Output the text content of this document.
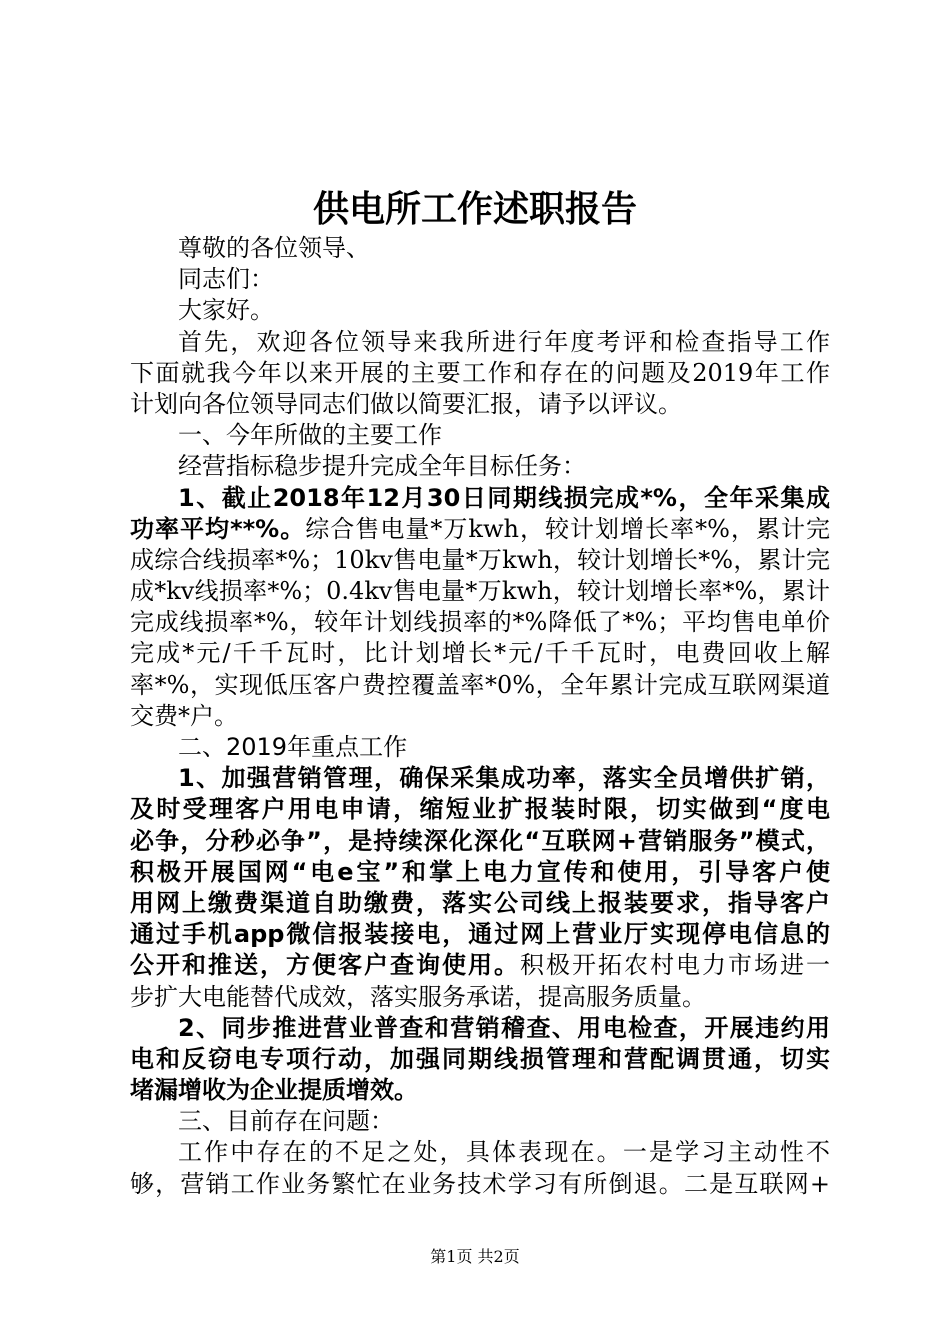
供电所工作述职报告
尊敬的各位领导、
同志们：
大家好。
首先，欢迎各位领导来我所进行年度考评和检查指导工作
下面就我今年以来开展的主要工作和存在的问题及2019年工作
计划向各位领导同志们做以简要汇报，请予以评议。
一、今年所做的主要工作
经营指标稳步提升完成全年目标任务：
1、截止2018年12月30日同期线损完成*%，全年采集成
功率平均**%。综合售电量*万kwh，较计划增长率*%，累计完
成综合线损率*%；10kv售电量*万kwh，较计划增长*%，累计完
成*kv线损率*%；0.4kv售电量*万kwh，较计划增长率*%，累计
完成线损率*%，较年计划线损率的*%降低了*%；平均售电单价
完成*元/千千瓦时，比计划增长*元/千千瓦时，电费回收上解
率*%，实现低压客户费控覆盖率*0%，全年累计完成互联网渠道
交费*户。
二、2019年重点工作
1、加强营销管理，确保采集成功率，落实全员增供扩销，
及时受理客户用电申请，缩短业扩报装时限，切实做到“度电
必争，分秒必争”，是持续深化深化“互联网+营销服务”模式，
积极开展国网“电e宝”和掌上电力宣传和使用，引导客户使
用网上缴费渠道自助缴费，落实公司线上报装要求，指导客户
通过手机app微信报装接电，通过网上营业厅实现停电信息的
公开和推送，方便客户查询使用。积极开拓农村电力市场进一
步扩大电能替代成效，落实服务承诺，提高服务质量。
2、同步推进营业普查和营销稽查、用电检查，开展违约用
电和反窃电专项行动，加强同期线损管理和营配调贯通，切实
堵漏增收为企业提质增效。
三、目前存在问题：
工作中存在的不足之处，具体表现在。一是学习主动性不
够，营销工作业务繁忙在业务技术学习有所倒退。二是互联网+
第1页 共2页
